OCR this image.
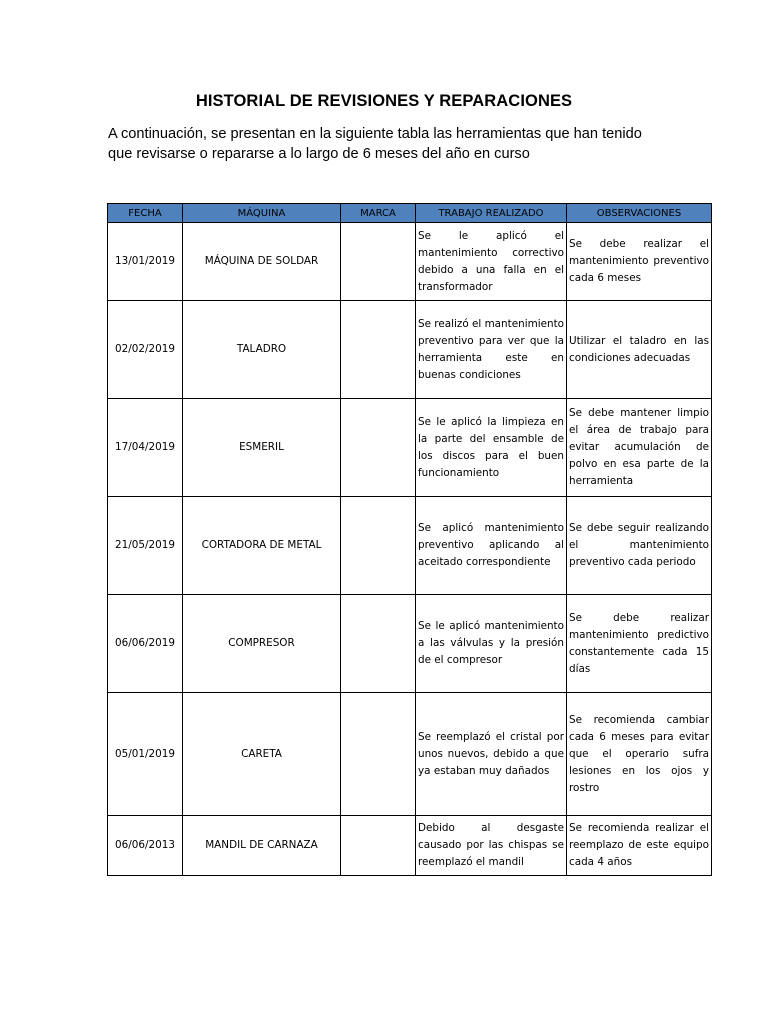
HISTORIAL DE REVISIONES Y REPARACIONES
A continuación, se presentan en la siguiente tabla las herramientas que han tenido
que revisarse o repararse a lo largo de 6 meses del año en curso
FECHA	MÁQUINA	MARCA	TRABAJO REALIZADO	OBSERVACIONES
13/01/2019	MÁQUINA DE SOLDAR		Se le aplicó el mantenimiento correctivo debido a una falla en el transformador	Se debe realizar el mantenimiento preventivo cada 6 meses
02/02/2019	TALADRO		Se realizó el mantenimiento preventivo para ver que la herramienta este en buenas condiciones	Utilizar el taladro en las condiciones adecuadas
17/04/2019	ESMERIL		Se le aplicó la limpieza en la parte del ensamble de los discos para el buen funcionamiento	Se debe mantener limpio el área de trabajo para evitar acumulación de polvo en esa parte de la herramienta
21/05/2019	CORTADORA DE METAL		Se aplicó mantenimiento preventivo aplicando al aceitado correspondiente	Se debe seguir realizando el mantenimiento preventivo cada periodo
06/06/2019	COMPRESOR		Se le aplicó mantenimiento a las válvulas y la presión de el compresor	Se debe realizar mantenimiento predictivo constantemente cada 15 días
05/01/2019	CARETA		Se reemplazó el cristal por unos nuevos, debido a que ya estaban muy dañados	Se recomienda cambiar cada 6 meses para evitar que el operario sufra lesiones en los ojos y rostro
06/06/2013	MANDIL DE CARNAZA		Debido al desgaste causado por las chispas se reemplazó el mandil	Se recomienda realizar el reemplazo de este equipo cada 4 años
